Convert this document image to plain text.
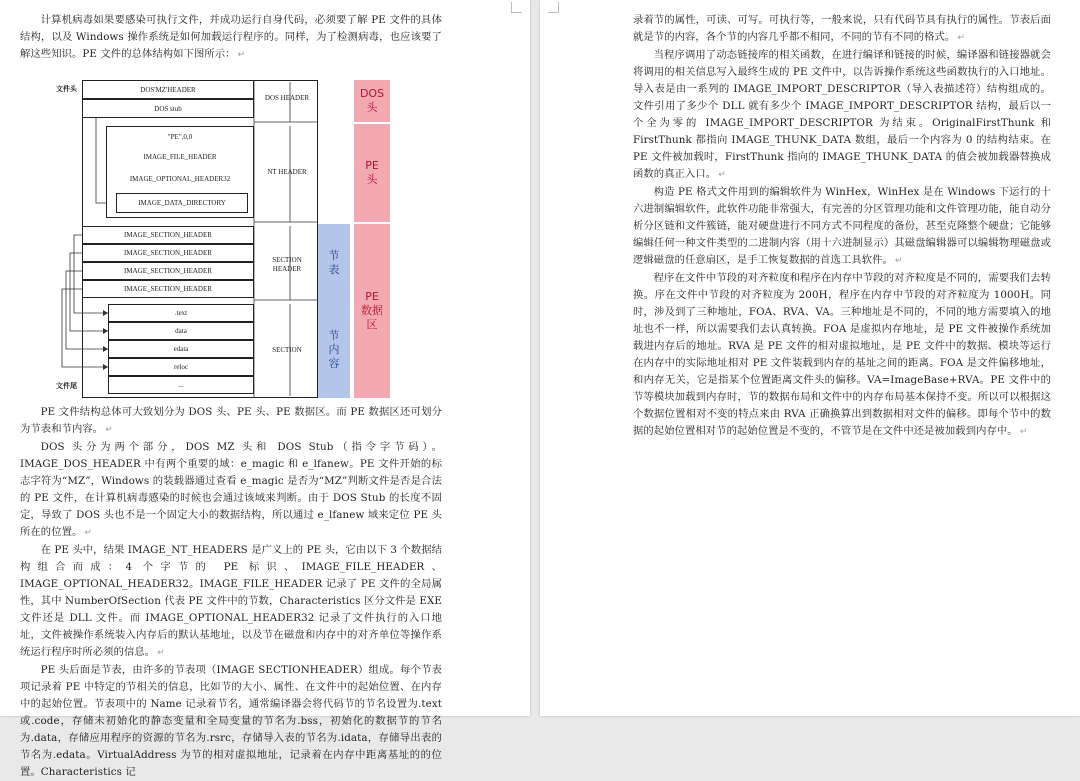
计算机病毒如果要感染可执行文件，并成功运行自身代码，必须要了解 PE 文件的具体结构，以及 Windows 操作系统是如何加载运行程序的。同样，为了检测病毒，也应该要了解这些知识。PE 文件的总体结构如下图所示： ↵

文件头
文件尾
DOS'MZ'HEADER
DOS stub
DOS HEADER
"PE",0,0
IMAGE_FILE_HEADER
IMAGE_OPTIONAL_HEADER32
IMAGE_DATA_DIRECTORY
NT HEADER
IMAGE_SECTION_HEADER
IMAGE_SECTION_HEADER
IMAGE_SECTION_HEADER
IMAGE_SECTION_HEADER
SECTION HEADER
.text
data
edata
reloc
...
SECTION
节表
节内容
DOS 头
PE 头
PE 数据区

PE 文件结构总体可大致划分为 DOS 头、PE 头、PE 数据区。而 PE 数据区还可划分为节表和节内容。 ↵

DOS 头分为两个部分，DOS MZ 头和 DOS Stub（指令字节码）。IMAGE_DOS_HEADER 中有两个重要的域：e_magic 和 e_lfanew。PE 文件开始的标志字符为“MZ”，Windows 的装载器通过查看 e_magic 是否为“MZ”判断文件是否是合法的 PE 文件，在计算机病毒感染的时候也会通过该域来判断。由于 DOS Stub 的长度不固定，导致了 DOS 头也不是一个固定大小的数据结构，所以通过 e_lfanew 域来定位 PE 头所在的位置。 ↵

在 PE 头中，结果 IMAGE_NT_HEADERS 是广义上的 PE 头，它由以下 3 个数据结构组合而成：4 个字节的 PE 标识、IMAGE_FILE_HEADER、IMAGE_OPTIONAL_HEADER32。IMAGE_FILE_HEADER 记录了 PE 文件的全局属性，其中 NumberOfSection 代表 PE 文件中的节数，Characteristics 区分文件是 EXE 文件还是 DLL 文件。而 IMAGE_OPTIONAL_HEADER32 记录了文件执行的入口地址，文件被操作系统装入内存后的默认基地址，以及节在磁盘和内存中的对齐单位等操作系统运行程序时所必须的信息。 ↵

PE 头后面是节表，由许多的节表项（IMAGE SECTIONHEADER）组成。每个节表项记录着 PE 中特定的节相关的信息，比如节的大小、属性、在文件中的起始位置、在内存中的起始位置。节表项中的 Name 记录着节名，通常编译器会将代码节的节名设置为.text 或.code，存储未初始化的静态变量和全局变量的节名为.bss，初始化的数据节的节名为.data，存储应用程序的资源的节名为.rsrc，存储导入表的节名为.idata，存储导出表的节名为.edata。VirtualAddress 为节的相对虚拟地址，记录着在内存中距离基址的的位置。Characteristics 记

录着节的属性，可读、可写。可执行等，一般来说，只有代码节具有执行的属性。节表后面就是节的内容，各个节的内容几乎都不相同，不同的节有不同的格式。 ↵

当程序调用了动态链接库的相关函数，在进行编译和链接的时候，编译器和链接器就会将调用的相关信息写入最终生成的 PE 文件中，以告诉操作系统这些函数执行的入口地址。导入表是由一系列的 IMAGE_IMPORT_DESCRIPTOR（导入表描述符）结构组成的。文件引用了多少个 DLL 就有多少个 IMAGE_IMPORT_DESCRIPTOR 结构，最后以一个全为零的 IMAGE_IMPORT_DESCRIPTOR 为结束。OriginalFirstThunk 和 FirstThunk 都指向 IMAGE_THUNK_DATA 数组，最后一个内容为 0 的结构结束。在 PE 文件被加载时，FirstThunk 指向的 IMAGE_THUNK_DATA 的值会被加载器替换成函数的真正入口。 ↵

构造 PE 格式文件用到的编辑软件为 WinHex，WinHex 是在 Windows 下运行的十六进制编辑软件，此软件功能非常强大，有完善的分区管理功能和文件管理功能，能自动分析分区链和文件簇链，能对硬盘进行不同方式不同程度的备份，甚至克隆整个硬盘；它能够编辑任何一种文件类型的二进制内容（用十六进制显示）其磁盘编辑器可以编辑物理磁盘或逻辑磁盘的任意扇区，是手工恢复数据的首选工具软件。 ↵

程序在文件中节段的对齐粒度和程序在内存中节段的对齐粒度是不同的，需要我们去转换。序在文件中节段的对齐粒度为 200H，程序在内存中节段的对齐粒度为 1000H。同时，涉及到了三种地址，FOA、RVA、VA。三种地址是不同的，不同的地方需要填入的地址也不一样，所以需要我们去认真转换。FOA 是虚拟内存地址，是 PE 文件被操作系统加载进内存后的地址。RVA 是 PE 文件的相对虚拟地址，是 PE 文件中的数据、模块等运行在内存中的实际地址相对 PE 文件装载到内存的基址之间的距离。FOA 是文件偏移地址，和内存无关，它是指某个位置距离文件头的偏移。VA=ImageBase+RVA。PE 文件中的节等模块加载到内存时，节的数据布局和文件中的内存布局基本保持不变。所以可以根据这个数据位置相对不变的特点来由 RVA 正确换算出到数据相对文件的偏移。即每个节中的数据的起始位置相对节的起始位置是不变的，不管节是在文件中还是被加载到内存中。 ↵
